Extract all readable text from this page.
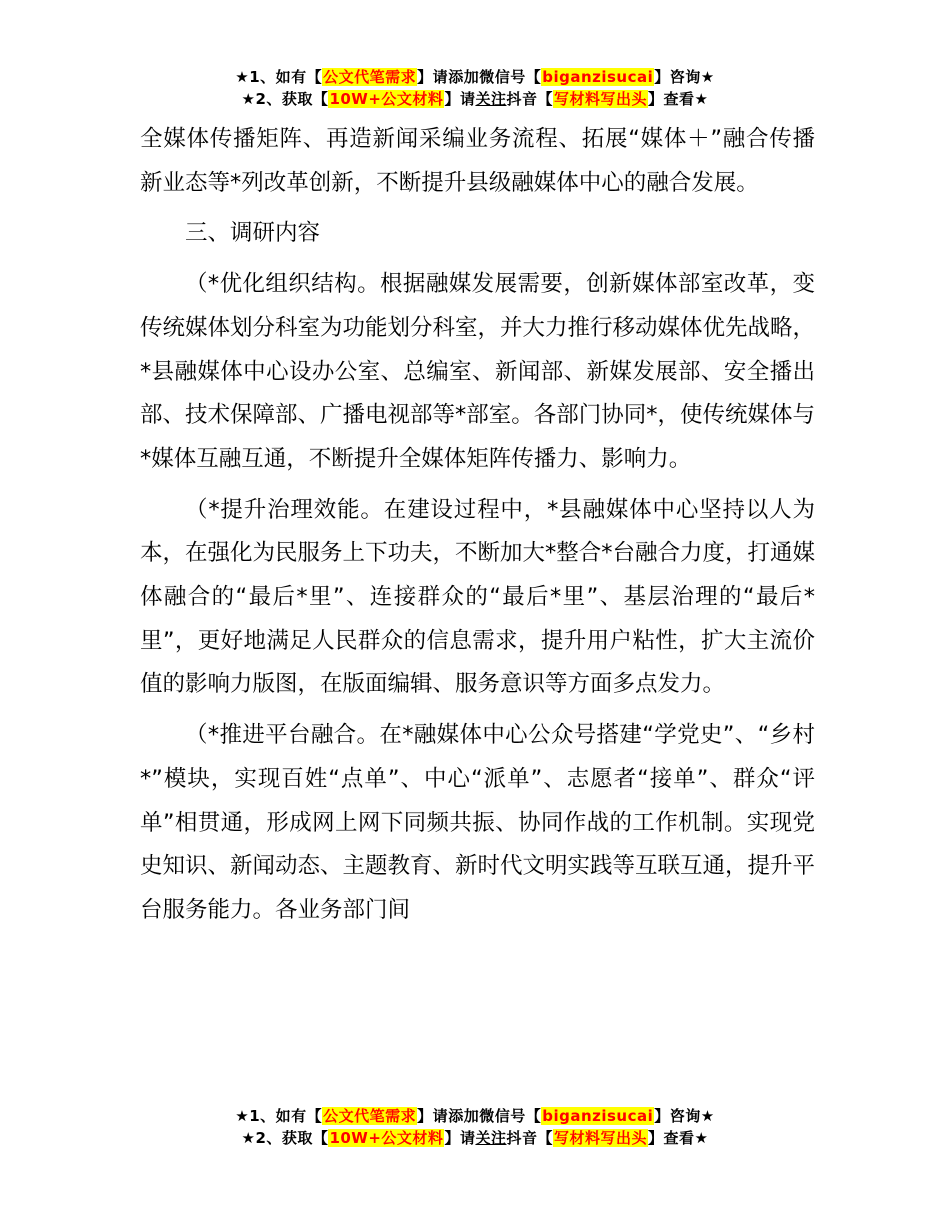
★1、如有【公文代笔需求】请添加微信号【biganzisucai】咨询★
★2、获取【10W+公文材料】请关注抖音【写材料写出头】查看★

全媒体传播矩阵、再造新闻采编业务流程、拓展“媒体＋”融合传播新业态等*列改革创新，不断提升县级融媒体中心的融合发展。

三、调研内容

（*优化组织结构。根据融媒发展需要，创新媒体部室改革，变传统媒体划分科室为功能划分科室，并大力推行移动媒体优先战略，*县融媒体中心设办公室、总编室、新闻部、新媒发展部、安全播出部、技术保障部、广播电视部等*部室。各部门协同*，使传统媒体与*媒体互融互通，不断提升全媒体矩阵传播力、影响力。

（*提升治理效能。在建设过程中，*县融媒体中心坚持以人为本，在强化为民服务上下功夫，不断加大*整合*台融合力度，打通媒体融合的“最后*里”、连接群众的“最后*里”、基层治理的“最后*里”，更好地满足人民群众的信息需求，提升用户粘性，扩大主流价值的影响力版图，在版面编辑、服务意识等方面多点发力。

（*推进平台融合。在*融媒体中心公众号搭建“学党史”、“乡村*”模块，实现百姓“点单”、中心“派单”、志愿者“接单”、群众“评单”相贯通，形成网上网下同频共振、协同作战的工作机制。实现党史知识、新闻动态、主题教育、新时代文明实践等互联互通，提升平台服务能力。各业务部门间

★1、如有【公文代笔需求】请添加微信号【biganzisucai】咨询★
★2、获取【10W+公文材料】请关注抖音【写材料写出头】查看★
